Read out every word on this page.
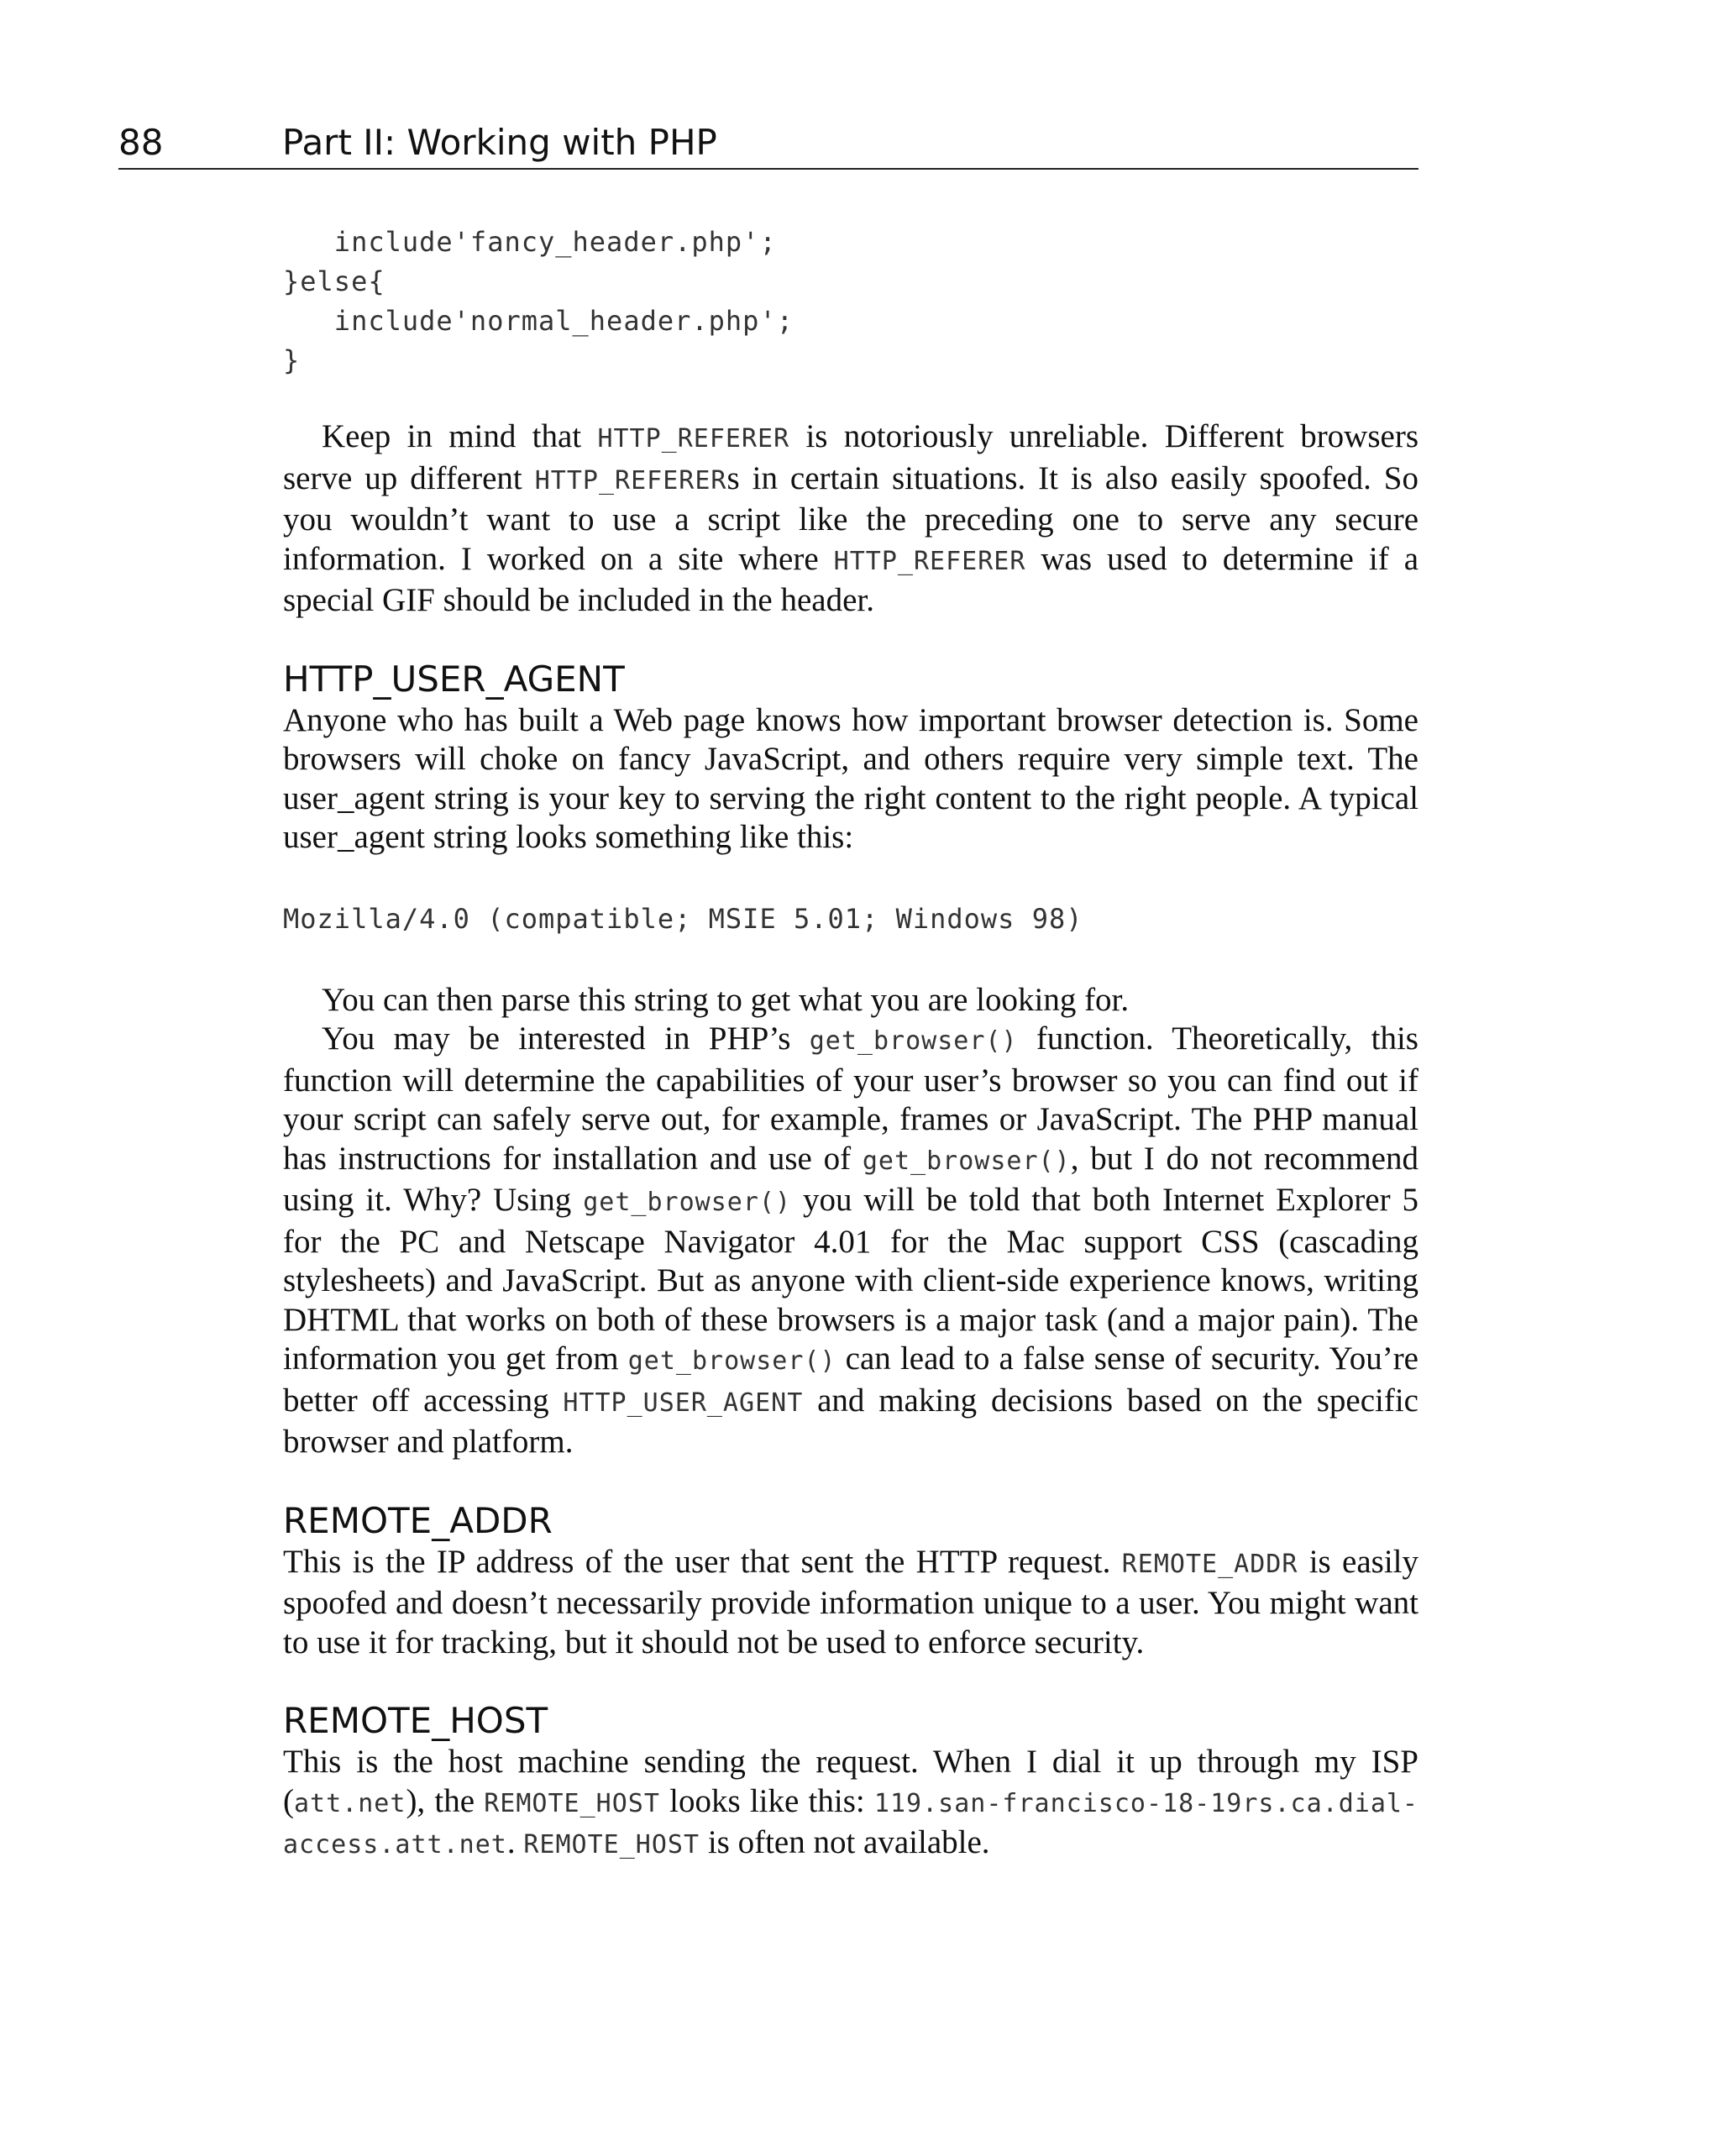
88	Part II: Working with PHP
include'fancy_header.php';
}else{
include'normal_header.php';
}

Keep in mind that HTTP_REFERER is notoriously unreliable. Different browsers serve up different HTTP_REFERERs in certain situations. It is also easily spoofed. So you wouldn’t want to use a script like the preceding one to serve any secure information. I worked on a site where HTTP_REFERER was used to determine if a special GIF should be included in the header.

HTTP_USER_AGENT

Anyone who has built a Web page knows how important browser detection is. Some browsers will choke on fancy JavaScript, and others require very simple text. The user_agent string is your key to serving the right content to the right people. A typical user_agent string looks something like this:

Mozilla/4.0 (compatible; MSIE 5.01; Windows 98)

You can then parse this string to get what you are looking for.

You may be interested in PHP’s get_browser() function. Theoretically, this function will determine the capabilities of your user’s browser so you can find out if your script can safely serve out, for example, frames or JavaScript. The PHP manual has instructions for installation and use of get_browser(), but I do not recommend using it. Why? Using get_browser() you will be told that both Internet Explorer 5 for the PC and Netscape Navigator 4.01 for the Mac support CSS (cascading stylesheets) and JavaScript. But as anyone with client-side experience knows, writing DHTML that works on both of these browsers is a major task (and a major pain). The information you get from get_browser() can lead to a false sense of security. You’re better off accessing HTTP_USER_AGENT and making decisions based on the specific browser and platform.

REMOTE_ADDR

This is the IP address of the user that sent the HTTP request. REMOTE_ADDR is easily spoofed and doesn’t necessarily provide information unique to a user. You might want to use it for tracking, but it should not be used to enforce security.

REMOTE_HOST

This is the host machine sending the request. When I dial it up through my ISP (att.net), the REMOTE_HOST looks like this: 119.san-francisco-18-19rs.ca.dial-access.att.net. REMOTE_HOST is often not available.
